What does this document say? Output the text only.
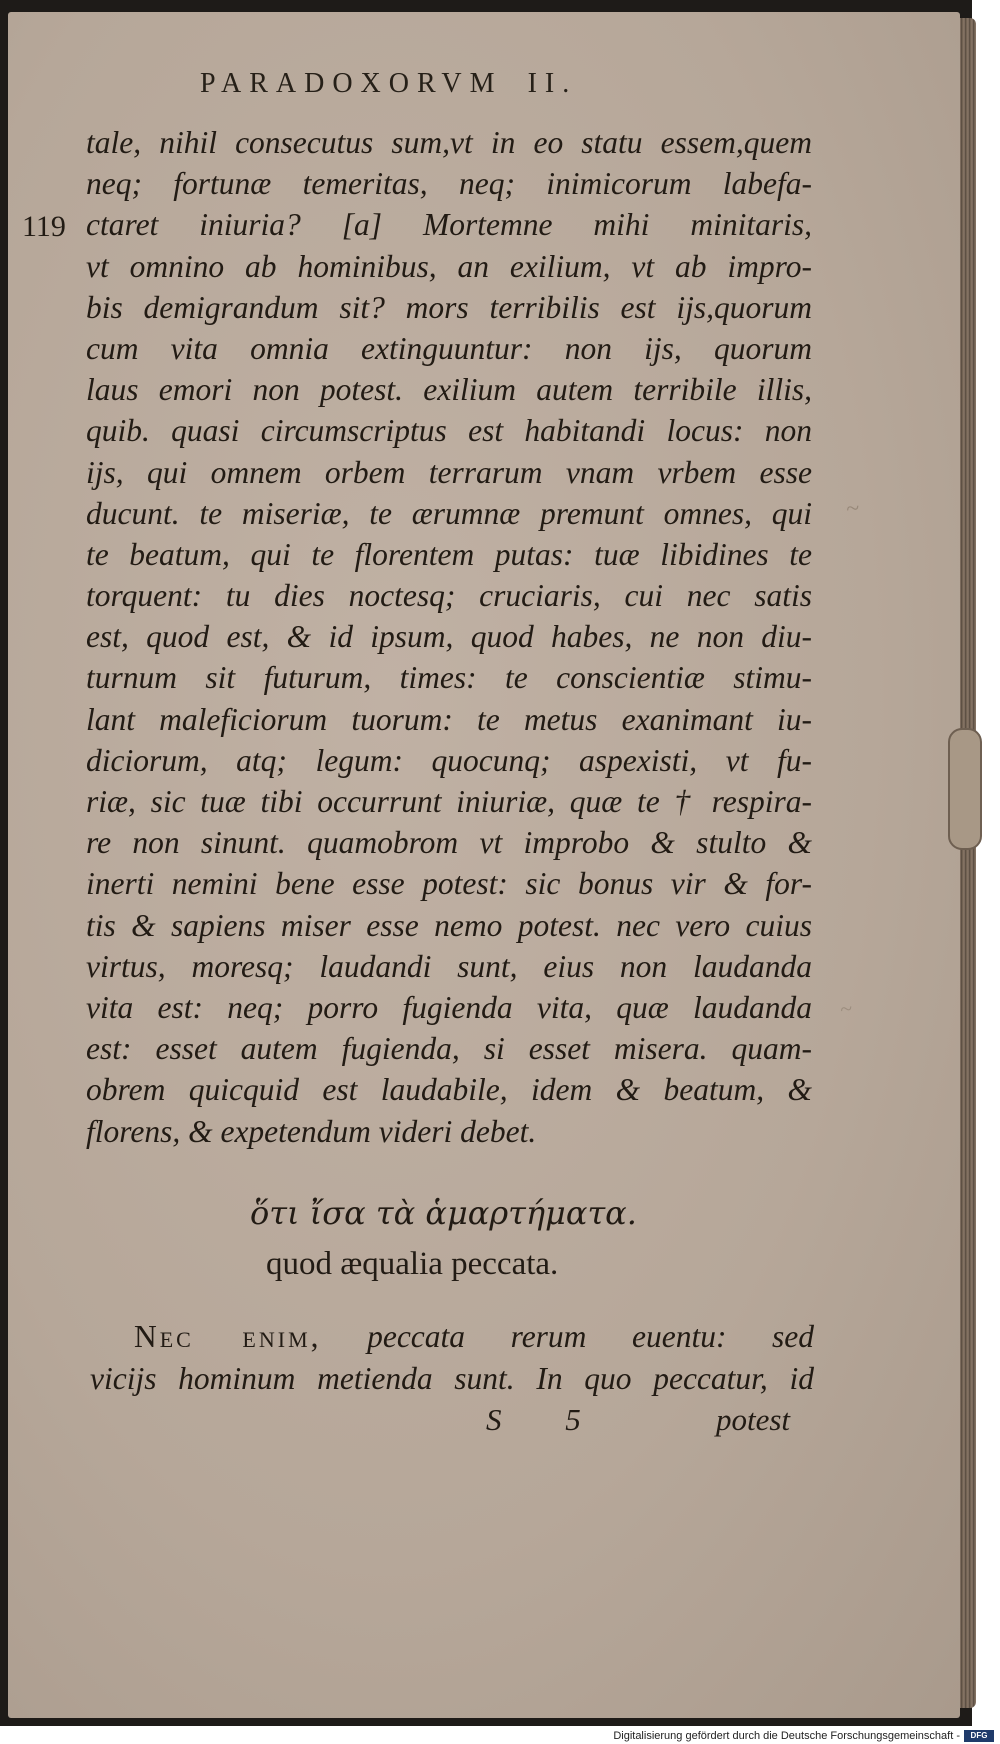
PARADOXORVM II.
119
tale, nihil consecutus sum,vt in eo statu essem,quem
neq; fortunæ temeritas, neq; inimicorum labefa-
ctaret iniuria? [a] Mortemne mihi minitaris,
vt omnino ab hominibus, an exilium, vt ab impro-
bis demigrandum sit? mors terribilis est ijs,quorum
cum vita omnia extinguuntur: non ijs, quorum
laus emori non potest. exilium autem terribile illis,
quib. quasi circumscriptus est habitandi locus: non
ijs, qui omnem orbem terrarum vnam vrbem esse
ducunt. te miseriæ, te ærumnæ premunt omnes, qui
te beatum, qui te florentem putas: tuæ libidines te
torquent: tu dies noctesq; cruciaris, cui nec satis
est, quod est, & id ipsum, quod habes, ne non diu-
turnum sit futurum, times: te conscientiæ stimu-
lant maleficiorum tuorum: te metus exanimant iu-
diciorum, atq; legum: quocunq; aspexisti, vt fu-
riæ, sic tuæ tibi occurrunt iniuriæ, quæ te † respira-
re non sinunt. quamobrom vt improbo & stulto &
inerti nemini bene esse potest: sic bonus vir & for-
tis & sapiens miser esse nemo potest. nec vero cuius
virtus, moresq; laudandi sunt, eius non laudanda
vita est: neq; porro fugienda vita, quæ laudanda
est: esset autem fugienda, si esset misera. quam-
obrem quicquid est laudabile, idem & beatum, &
florens, & expetendum videri debet.
~
~
ὅτι ἴσα τὰ ἁμαρτήματα.
quod æqualia peccata.
Nec enim, peccata rerum euentu: sed
vicijs hominum metienda sunt. In quo peccatur, id
S 5	potest
Digitalisierung gefördert durch die Deutsche Forschungsgemeinschaft -	DFG
